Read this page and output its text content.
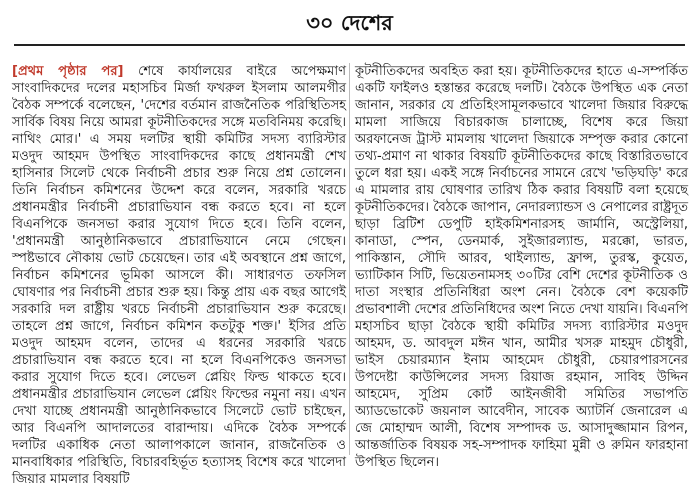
৩০ দেশের
[প্রথম পৃষ্ঠার পর]

শেষে কার্যালয়ের বাইরে অপেক্ষমাণ সাংবাদিকদের দলের মহাসচিব মির্জা ফখরুল ইসলাম আলমগীর বৈঠক সম্পর্কে বলেছেন, 'দেশের বর্তমান রাজনৈতিক পরিস্থিতিসহ সার্বিক বিষয় নিয়ে আমরা কূটনীতিকদের সঙ্গে মতবিনিময় করেছি। নাথিং মোর।' এ সময় দলটির স্থায়ী কমিটির সদস্য ব্যারিস্টার মওদুদ আহমদ উপস্থিত সাংবাদিকদের কাছে প্রধানমন্ত্রী শেখ হাসিনার সিলেট থেকে নির্বাচনী প্রচার শুরু নিয়ে প্রশ্ন তোলেন। তিনি নির্বাচন কমিশনের উদ্দেশ করে বলেন, সরকারি খরচে প্রধানমন্ত্রীর নির্বাচনী প্রচারাভিযান বন্ধ করতে হবে। না হলে বিএনপিকে জনসভা করার সুযোগ দিতে হবে। তিনি বলেন, 'প্রধানমন্ত্রী আনুষ্ঠানিকভাবে প্রচারাভিযানে নেমে গেছেন। স্পষ্টভাবে নৌকায় ভোট চেয়েছেন। তার এই অবস্থানে প্রশ্ন জাগে, নির্বাচন কমিশনের ভূমিকা আসলে কী। সাধারণত তফসিল ঘোষণার পর নির্বাচনী প্রচার শুরু হয়। কিন্তু প্রায় এক বছর আগেই সরকারি দল রাষ্ট্রীয় খরচে নির্বাচনী প্রচারাভিযান শুরু করেছে। তাহলে প্রশ্ন জাগে, নির্বাচন কমিশন কতটুকু শক্ত।' ইসির প্রতি মওদুদ আহমদ বলেন, তাদের এ ধরনের সরকারি খরচে প্রচারাভিযান বন্ধ করতে হবে। না হলে বিএনপিকেও জনসভা করার সুযোগ দিতে হবে। লেভেল প্লেয়িং ফিল্ড থাকতে হবে। প্রধানমন্ত্রীর প্রচারাভিযান লেভেল প্লেয়িং ফিল্ডের নমুনা নয়। এখন দেখা যাচ্ছে প্রধানমন্ত্রী আনুষ্ঠানিকভাবে সিলেটে ভোট চাইছেন, আর বিএনপি আদালতের বারান্দায়। এদিকে বৈঠক সম্পর্কে দলটির একাধিক নেতা আলাপকালে জানান, রাজনৈতিক ও মানবাধিকার পরিস্থিতি, বিচারবহির্ভূত হত্যাসহ বিশেষ করে খালেদা জিয়ার মামলার বিষয়টি

কূটনীতিকদের অবহিত করা হয়। কূটনীতিকদের হাতে এ-সম্পর্কিত একটি ফাইলও হস্তান্তর করেছে দলটি। বৈঠকে উপস্থিত এক নেতা জানান, সরকার যে প্রতিহিংসামূলকভাবে খালেদা জিয়ার বিরুদ্ধে মামলা সাজিয়ে বিচারকাজ চালাচ্ছে, বিশেষ করে জিয়া অরফানেজ ট্রাস্ট মামলায় খালেদা জিয়াকে সম্পৃক্ত করার কোনো তথ্য-প্রমাণ না থাকার বিষয়টি কূটনীতিকদের কাছে বিস্তারিতভাবে তুলে ধরা হয়। একই সঙ্গে নির্বাচনের সামনে রেখে 'ভড়িঘড়ি' করে এ মামলার রায় ঘোষণার তারিখ ঠিক করার বিষয়টি বলা হয়েছে কূটনীতিকদের। বৈঠকে জাপান, নেদারল্যান্ডস ও নেপালের রাষ্ট্রদূত ছাড়া ব্রিটিশ ডেপুটি হাইকমিশনারসহ জার্মানি, অস্ট্রেলিয়া, কানাডা, স্পেন, ডেনমার্ক, সুইজারল্যান্ড, মরক্কো, ভারত, পাকিস্তান, সৌদি আরব, থাইল্যান্ড, ফ্রান্স, তুরস্ক, কুয়েত, ভ্যাটিকান সিটি, ভিয়েতনামসহ ৩০টির বেশি দেশের কূটনীতিক ও দাতা সংস্থার প্রতিনিধিরা অংশ নেন। বৈঠকে বেশ কয়েকটি প্রভাবশালী দেশের প্রতিনিধিদের অংশ নিতে দেখা যায়নি। বিএনপি মহাসচিব ছাড়া বৈঠকে স্থায়ী কমিটির সদস্য ব্যারিস্টার মওদুদ আহমদ, ড. আবদুল মঈন খান, আমীর খসরু মাহমুদ চৌধুরী, ভাইস চেয়ারম্যান ইনাম আহমেদ চৌধুরী, চেয়ারপারসনের উপদেষ্টা কাউন্সিলের সদস্য রিয়াজ রহমান, সাবিহ উদ্দিন আহমেদ, সুপ্রিম কোর্ট আইনজীবী সমিতির সভাপতি অ্যাডভোকেট জয়নাল আবেদীন, সাবেক অ্যাটর্নি জেনারেল এ জে মোহাম্মদ আলী, বিশেষ সম্পাদক ড. আসাদুজ্জামান রিপন, আন্তর্জাতিক বিষয়ক সহ-সম্পাদক ফাহিমা মুন্নী ও রুমিন ফারহানা উপস্থিত ছিলেন।
